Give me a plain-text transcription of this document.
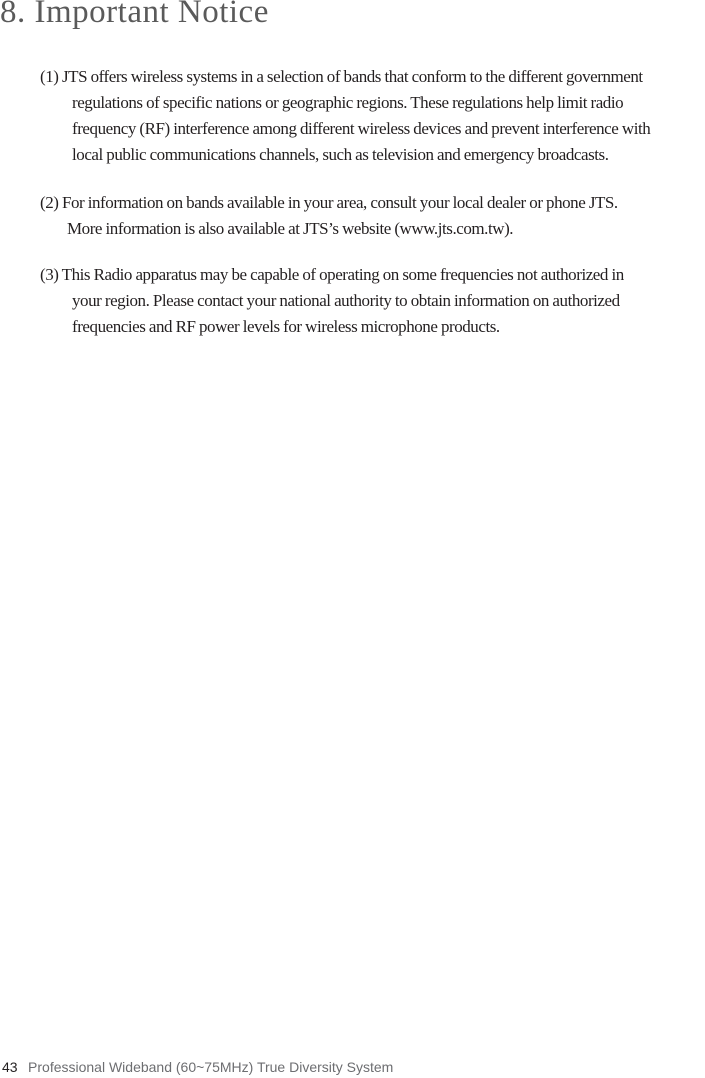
8. Important Notice
(1) JTS offers wireless systems in a selection of bands that conform to the different government
regulations of specific nations or geographic regions. These regulations help limit radio
frequency (RF) interference among different wireless devices and prevent interference with
local public communications channels, such as television and emergency broadcasts.
(2) For information on bands available in your area, consult your local dealer or phone JTS.
More information is also available at JTS’s website (www.jts.com.tw).
(3) This Radio apparatus may be capable of operating on some frequencies not authorized in
your region. Please contact your national authority to obtain information on authorized
frequencies and RF power levels for wireless microphone products.
43 Professional Wideband (60~75MHz) True Diversity System
